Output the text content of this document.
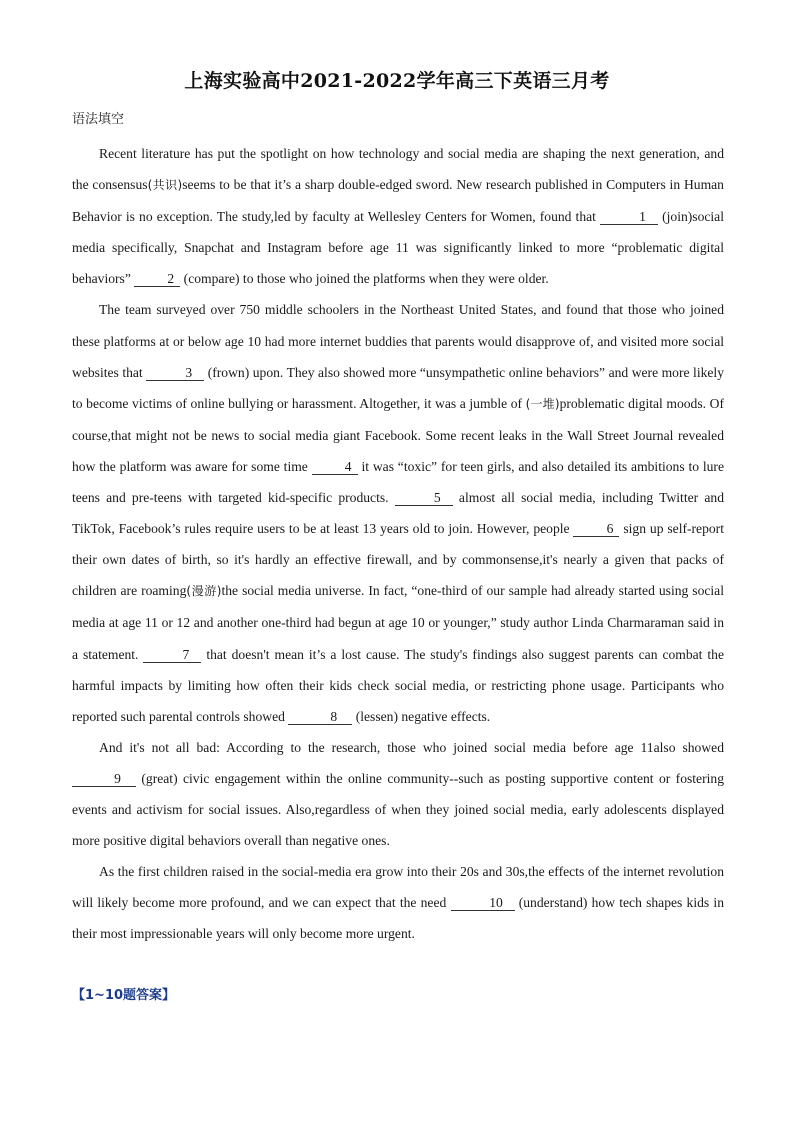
上海实验高中2021-2022学年高三下英语三月考
语法填空

Recent literature has put the spotlight on how technology and social media are shaping the next generation, and the consensus(共识)seems to be that it’s a sharp double-edged sword. New research published in Computers in Human Behavior is no exception. The study,led by faculty at Wellesley Centers for Women, found that	1 (join)social media specifically, Snapchat and Instagram before age 11 was significantly linked to more “problematic digital behaviors” 2 (compare) to those who joined the platforms when they were older.

The team surveyed over 750 middle schoolers in the Northeast United States, and found that those who joined these platforms at or below age 10 had more internet buddies that parents would disapprove of, and visited more social websites that	3 (frown) upon. They also showed more “unsympathetic online behaviors” and were more likely to become victims of online bullying or harassment. Altogether, it was a jumble of (一堆)problematic digital moods. Of course,that might not be news to social media giant Facebook. Some recent leaks in the Wall Street Journal revealed how the platform was aware for some time 4 it was “toxic” for teen girls, and also detailed its ambitions to lure teens and pre-teens with targeted kid-specific products.	5 almost all social media, including Twitter and TikTok, Facebook’s rules require users to be at least 13 years old to join. However, people 6 sign up self-report their own dates of birth, so it's hardly an effective firewall, and by commonsense,it's nearly a given that packs of children are roaming(漫游)the social media universe. In fact, “one-third of our sample had already started using social media at age 11 or 12 and another one-third had begun at age 10 or younger,” study author Linda Charmaraman said in a statement.	7 that doesn't mean it’s a lost cause. The study's findings also suggest parents can combat the harmful impacts by limiting how often their kids check social media, or restricting phone usage. Participants who reported such parental controls showed	8 (lessen) negative effects.

And it's not all bad: According to the research, those who joined social media before age 11also showed 9 (great) civic engagement within the online community--such as posting supportive content or fostering events and activism for social issues. Also,regardless of when they joined social media, early adolescents displayed more positive digital behaviors overall than negative ones.

As the first children raised in the social-media era grow into their 20s and 30s,the effects of the internet revolution will likely become more profound, and we can expect that the need	10 (understand) how tech shapes kids in their most impressionable years will only become more urgent.

【1~10题答案】
